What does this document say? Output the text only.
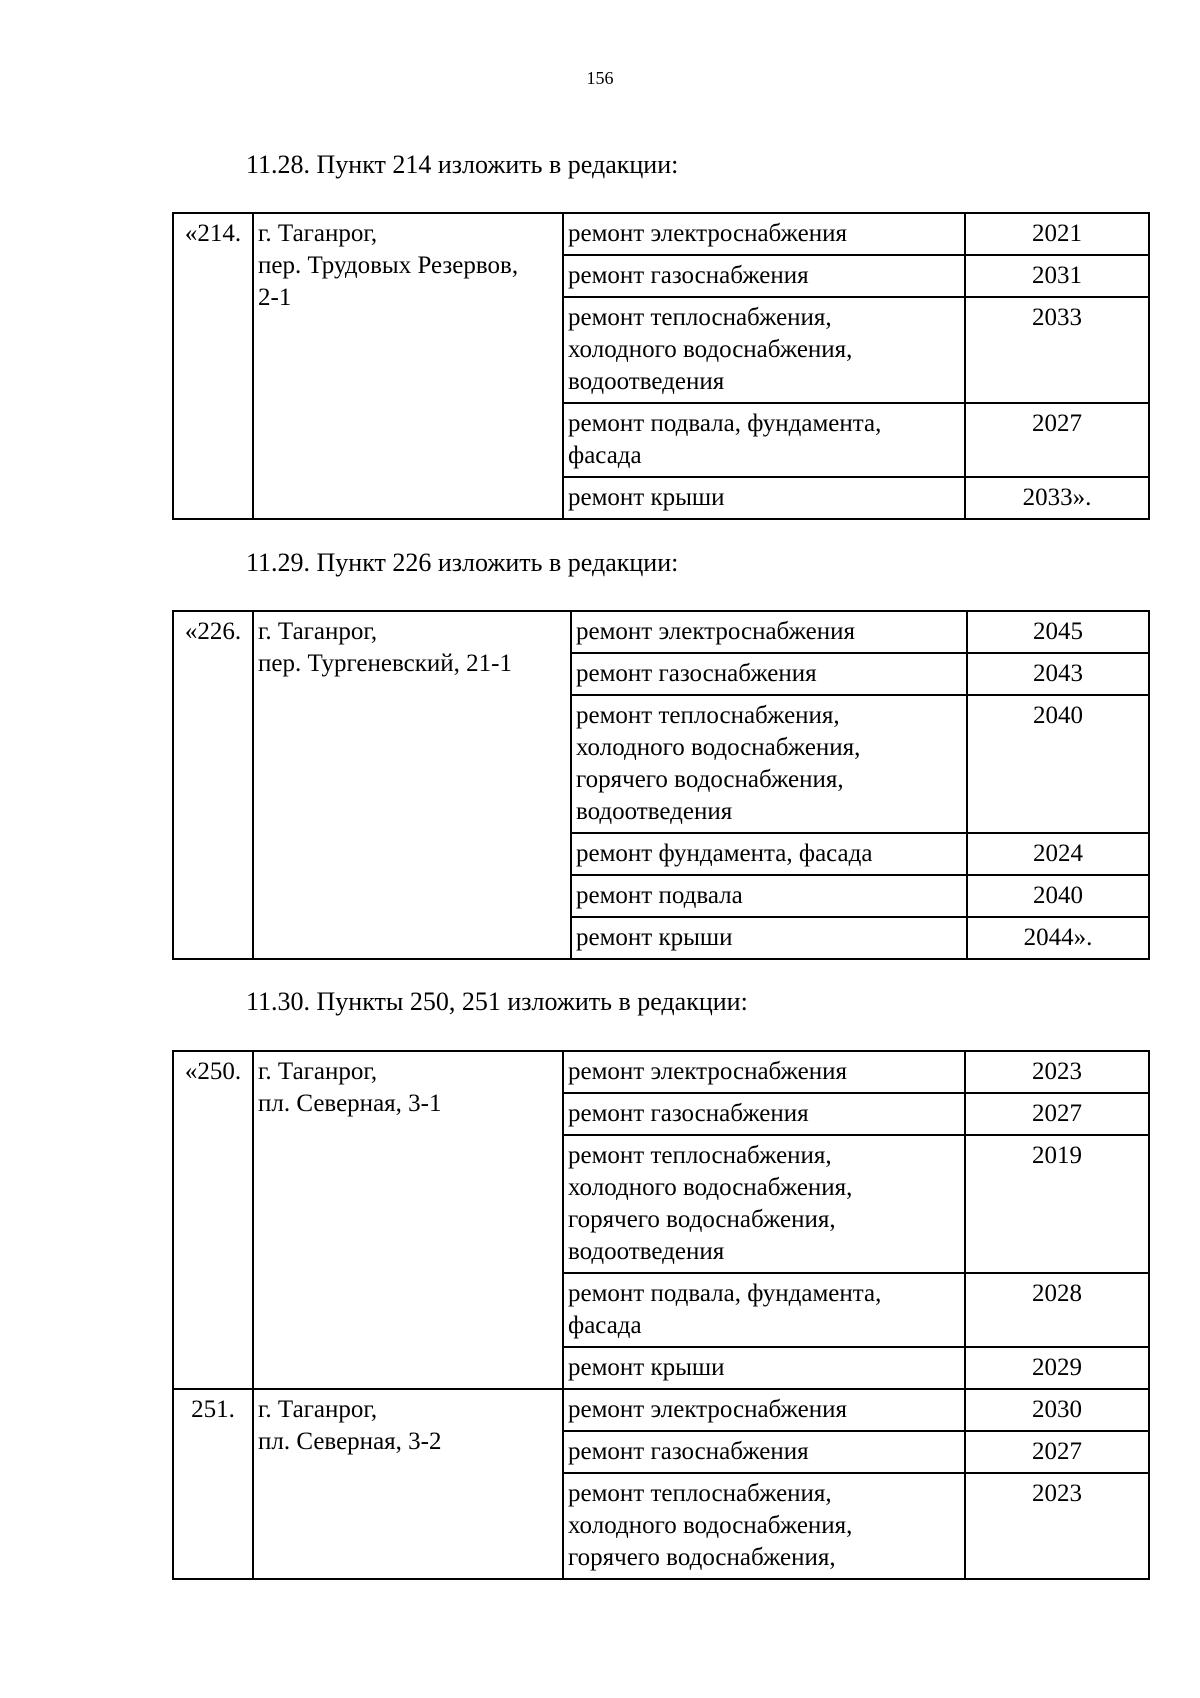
156
11.28. Пункт 214 изложить в редакции:
«214.	г. Таганрог,
пер. Трудовых Резервов,
2-1	ремонт электроснабжения	2021
		ремонт газоснабжения	2031
		ремонт теплоснабжения,
холодного водоснабжения,
водоотведения	2033
		ремонт подвала, фундамента,
фасада	2027
		ремонт крыши	2033».
11.29. Пункт 226 изложить в редакции:
«226.	г. Таганрог,
пер. Тургеневский, 21-1	ремонт электроснабжения	2045
		ремонт газоснабжения	2043
		ремонт теплоснабжения,
холодного водоснабжения,
горячего водоснабжения,
водоотведения	2040
		ремонт фундамента, фасада	2024
		ремонт подвала	2040
		ремонт крыши	2044».
11.30. Пункты 250, 251 изложить в редакции:
«250.	г. Таганрог,
пл. Северная, 3-1	ремонт электроснабжения	2023
		ремонт газоснабжения	2027
		ремонт теплоснабжения,
холодного водоснабжения,
горячего водоснабжения,
водоотведения	2019
		ремонт подвала, фундамента,
фасада	2028
		ремонт крыши	2029
251.	г. Таганрог,
пл. Северная, 3-2	ремонт электроснабжения	2030
		ремонт газоснабжения	2027
		ремонт теплоснабжения,
холодного водоснабжения,
горячего водоснабжения,	2023
